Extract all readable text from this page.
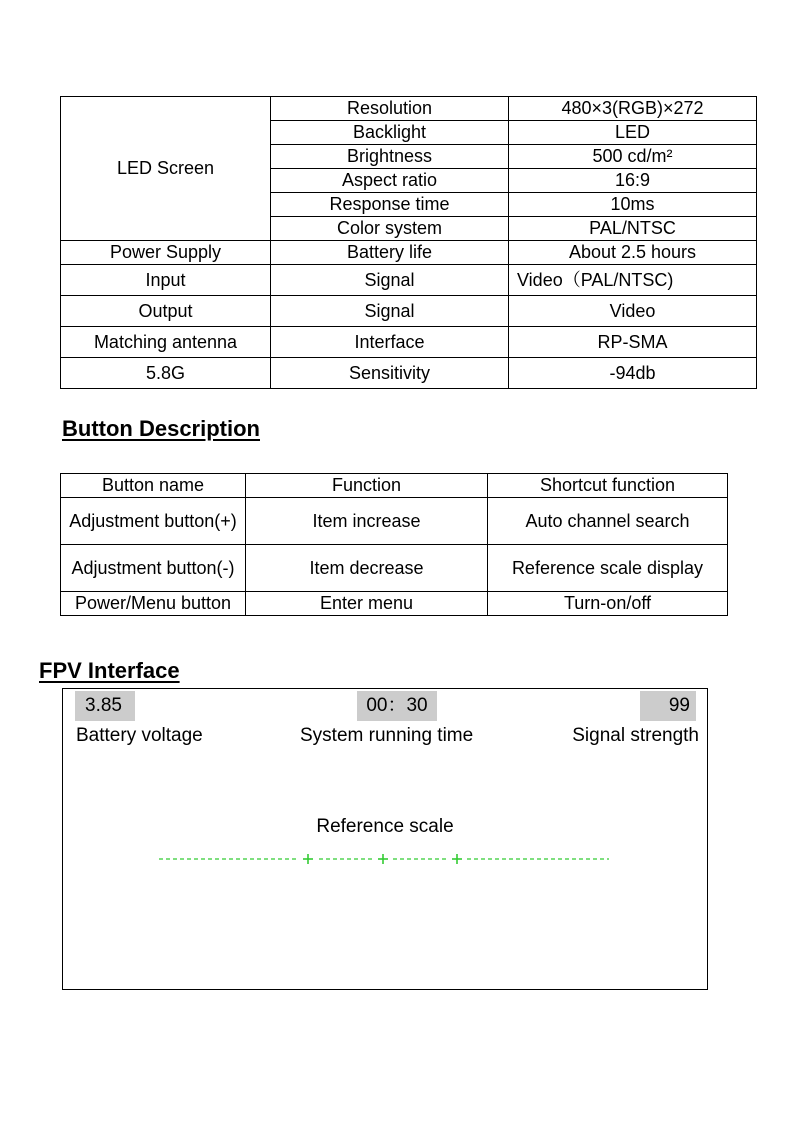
LED Screen	Resolution	480×3(RGB)×272
	Backlight	LED
	Brightness	500 cd/m²
	Aspect ratio	16:9
	Response time	10ms
	Color system	PAL/NTSC
Power Supply	Battery life	About 2.5 hours
Input	Signal	Video（PAL/NTSC)
Output	Signal	Video
Matching antenna	Interface	RP-SMA
5.8G	Sensitivity	-94db
Button Description
Button name	Function	Shortcut function
Adjustment button(+)	Item increase	Auto channel search
Adjustment button(-)	Item decrease	Reference scale display
Power/Menu button	Enter menu	Turn-on/off
FPV Interface
3.85	00：30	99
Battery voltage	System running time	Signal strength
Reference scale
